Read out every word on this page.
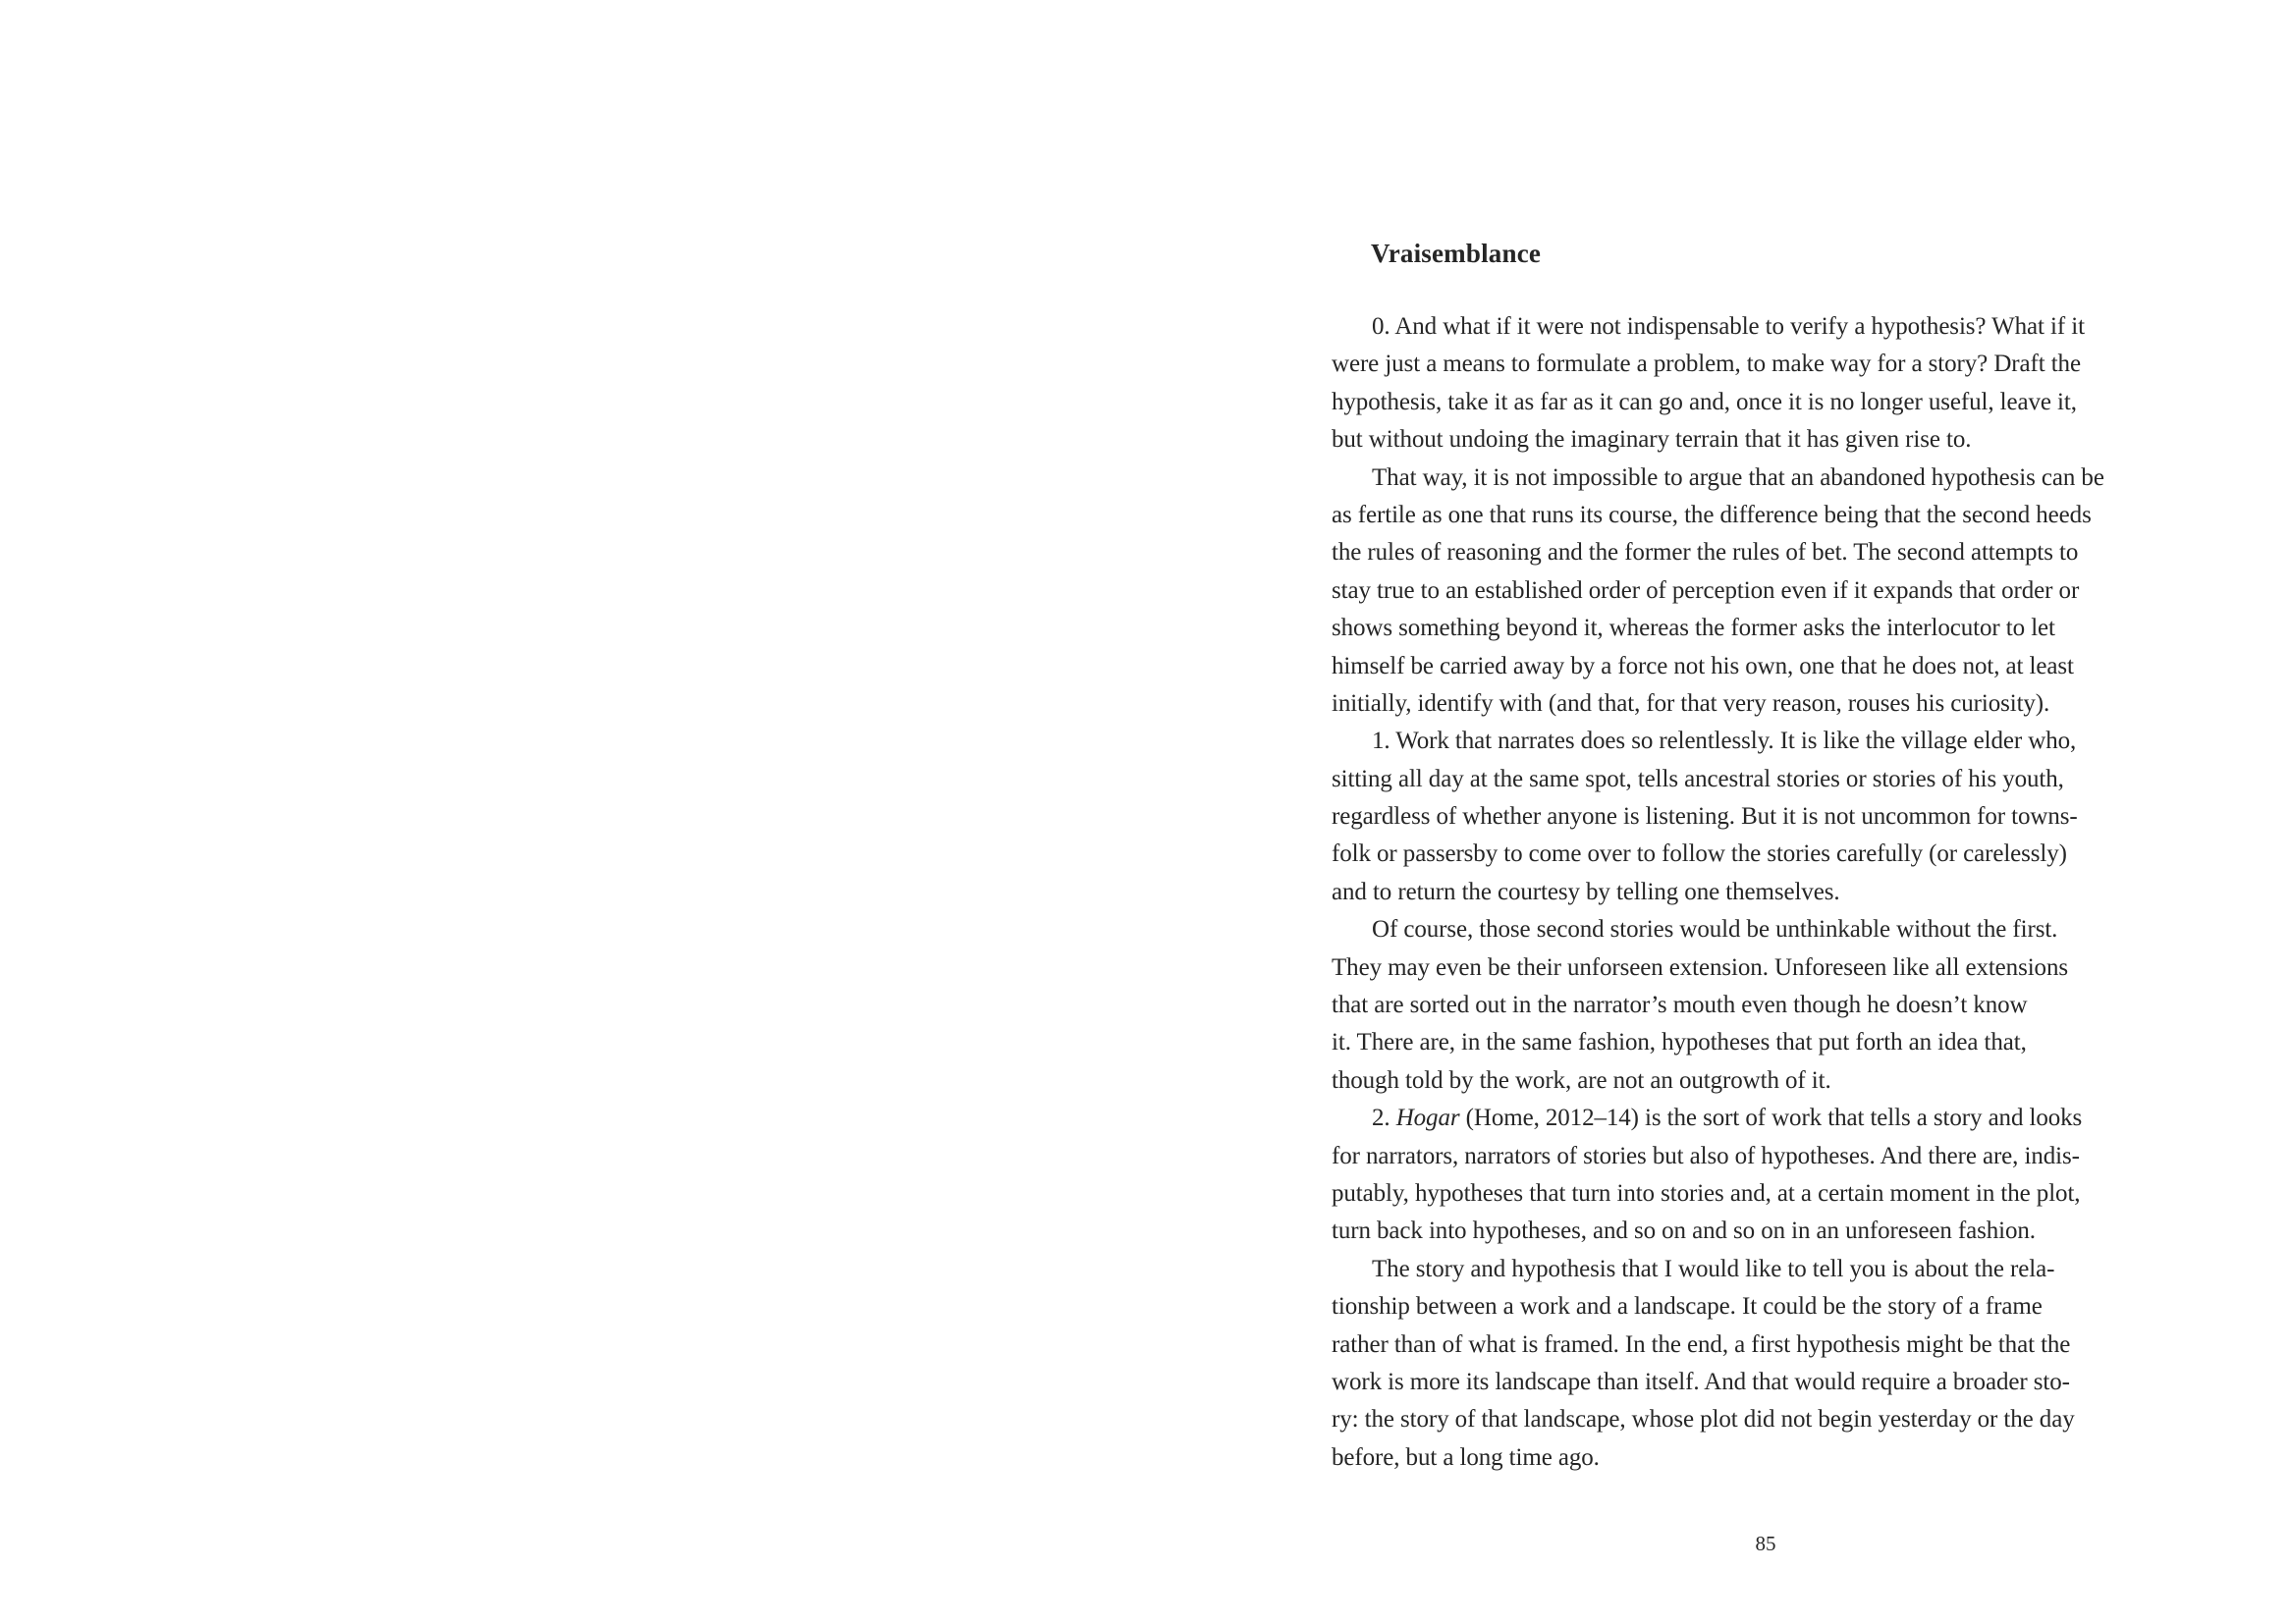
Vraisemblance

0. And what if it were not indispensable to verify a hypothesis? What if it
were just a means to formulate a problem, to make way for a story? Draft the
hypothesis, take it as far as it can go and, once it is no longer useful, leave it,
but without undoing the imaginary terrain that it has given rise to.

That way, it is not impossible to argue that an abandoned hypothesis can be
as fertile as one that runs its course, the difference being that the second heeds
the rules of reasoning and the former the rules of bet. The second attempts to
stay true to an established order of perception even if it expands that order or
shows something beyond it, whereas the former asks the interlocutor to let
himself be carried away by a force not his own, one that he does not, at least
initially, identify with (and that, for that very reason, rouses his curiosity).

1. Work that narrates does so relentlessly. It is like the village elder who,
sitting all day at the same spot, tells ancestral stories or stories of his youth,
regardless of whether anyone is listening. But it is not uncommon for towns-
folk or passersby to come over to follow the stories carefully (or carelessly)
and to return the courtesy by telling one themselves.

Of course, those second stories would be unthinkable without the first.
They may even be their unforseen extension. Unforeseen like all extensions
that are sorted out in the narrator’s mouth even though he doesn’t know
it. There are, in the same fashion, hypotheses that put forth an idea that,
though told by the work, are not an outgrowth of it.

2. Hogar (Home, 2012–14) is the sort of work that tells a story and looks
for narrators, narrators of stories but also of hypotheses. And there are, indis-
putably, hypotheses that turn into stories and, at a certain moment in the plot,
turn back into hypotheses, and so on and so on in an unforeseen fashion.

The story and hypothesis that I would like to tell you is about the rela-
tionship between a work and a landscape. It could be the story of a frame
rather than of what is framed. In the end, a first hypothesis might be that the
work is more its landscape than itself. And that would require a broader sto-
ry: the story of that landscape, whose plot did not begin yesterday or the day
before, but a long time ago.

85
